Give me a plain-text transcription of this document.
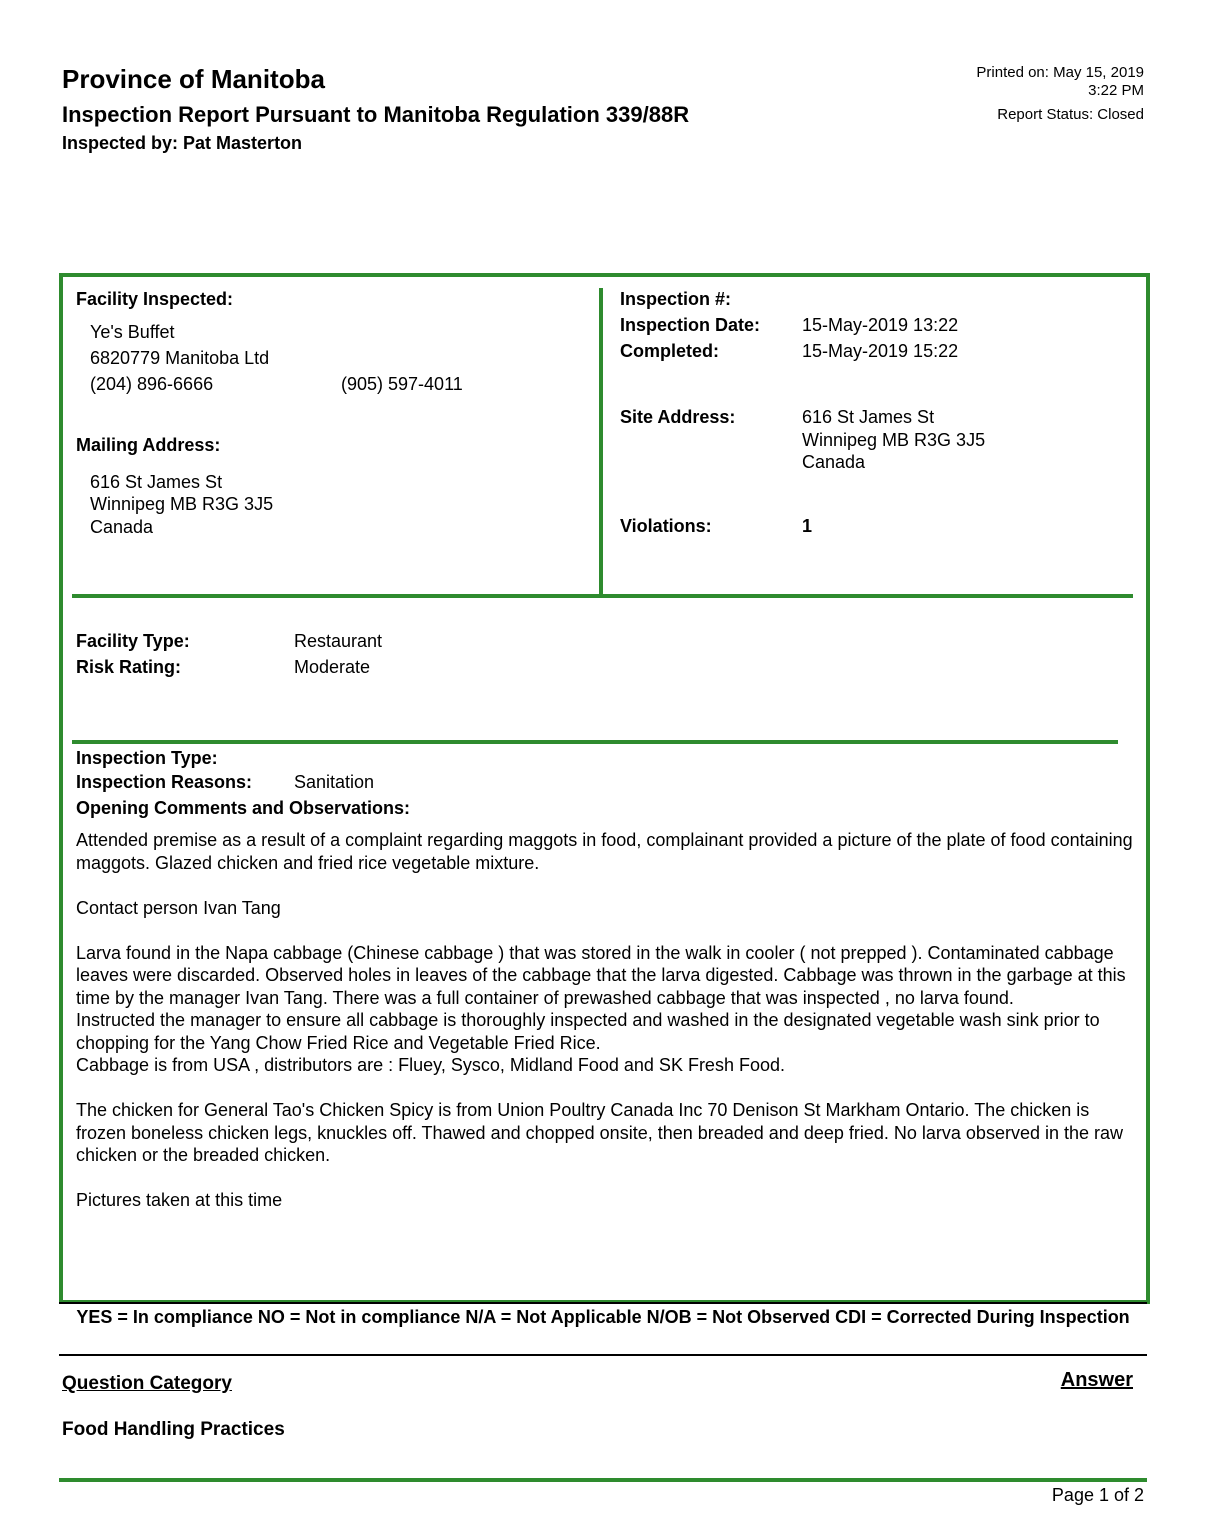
Province of Manitoba
Inspection Report Pursuant to Manitoba Regulation 339/88R
Inspected by: Pat Masterton
Printed on: May 15, 2019
3:22 PM
Report Status: Closed
Facility Inspected:
Ye's Buffet
6820779 Manitoba Ltd
(204) 896-6666	(905) 597-4011
Mailing Address:
616 St James St
Winnipeg MB R3G 3J5
Canada
Inspection #:
Inspection Date: 15-May-2019 13:22
Completed:	15-May-2019 15:22
Site Address:	616 St James St
Winnipeg MB R3G 3J5
Canada
Violations:	1
Facility Type:	Restaurant
Risk Rating:	Moderate
Inspection Type:
Inspection Reasons: Sanitation
Opening Comments and Observations:

Attended premise as a result of a complaint regarding maggots in food, complainant provided a picture of the plate of food containing maggots. Glazed chicken and fried rice vegetable mixture.

Contact person Ivan Tang

Larva found in the Napa cabbage (Chinese cabbage ) that was stored in the walk in cooler ( not prepped ). Contaminated cabbage leaves were discarded. Observed holes in leaves of the cabbage that the larva digested. Cabbage was thrown in the garbage at this time by the manager Ivan Tang. There was a full container of prewashed cabbage that was inspected , no larva found.

Instructed the manager to ensure all cabbage is thoroughly inspected and washed in the designated vegetable wash sink prior to chopping for the Yang Chow Fried Rice and Vegetable Fried Rice.

Cabbage is from USA , distributors are : Fluey, Sysco, Midland Food and SK Fresh Food.

The chicken for General Tao's Chicken Spicy is from Union Poultry Canada Inc 70 Denison St Markham Ontario. The chicken is frozen boneless chicken legs, knuckles off. Thawed and chopped onsite, then breaded and deep fried. No larva observed in the raw chicken or the breaded chicken.

Pictures taken at this time

YES = In compliance NO = Not in compliance N/A = Not Applicable N/OB = Not Observed CDI = Corrected During Inspection
Question Category	Answer
Food Handling Practices
Page 1 of 2
